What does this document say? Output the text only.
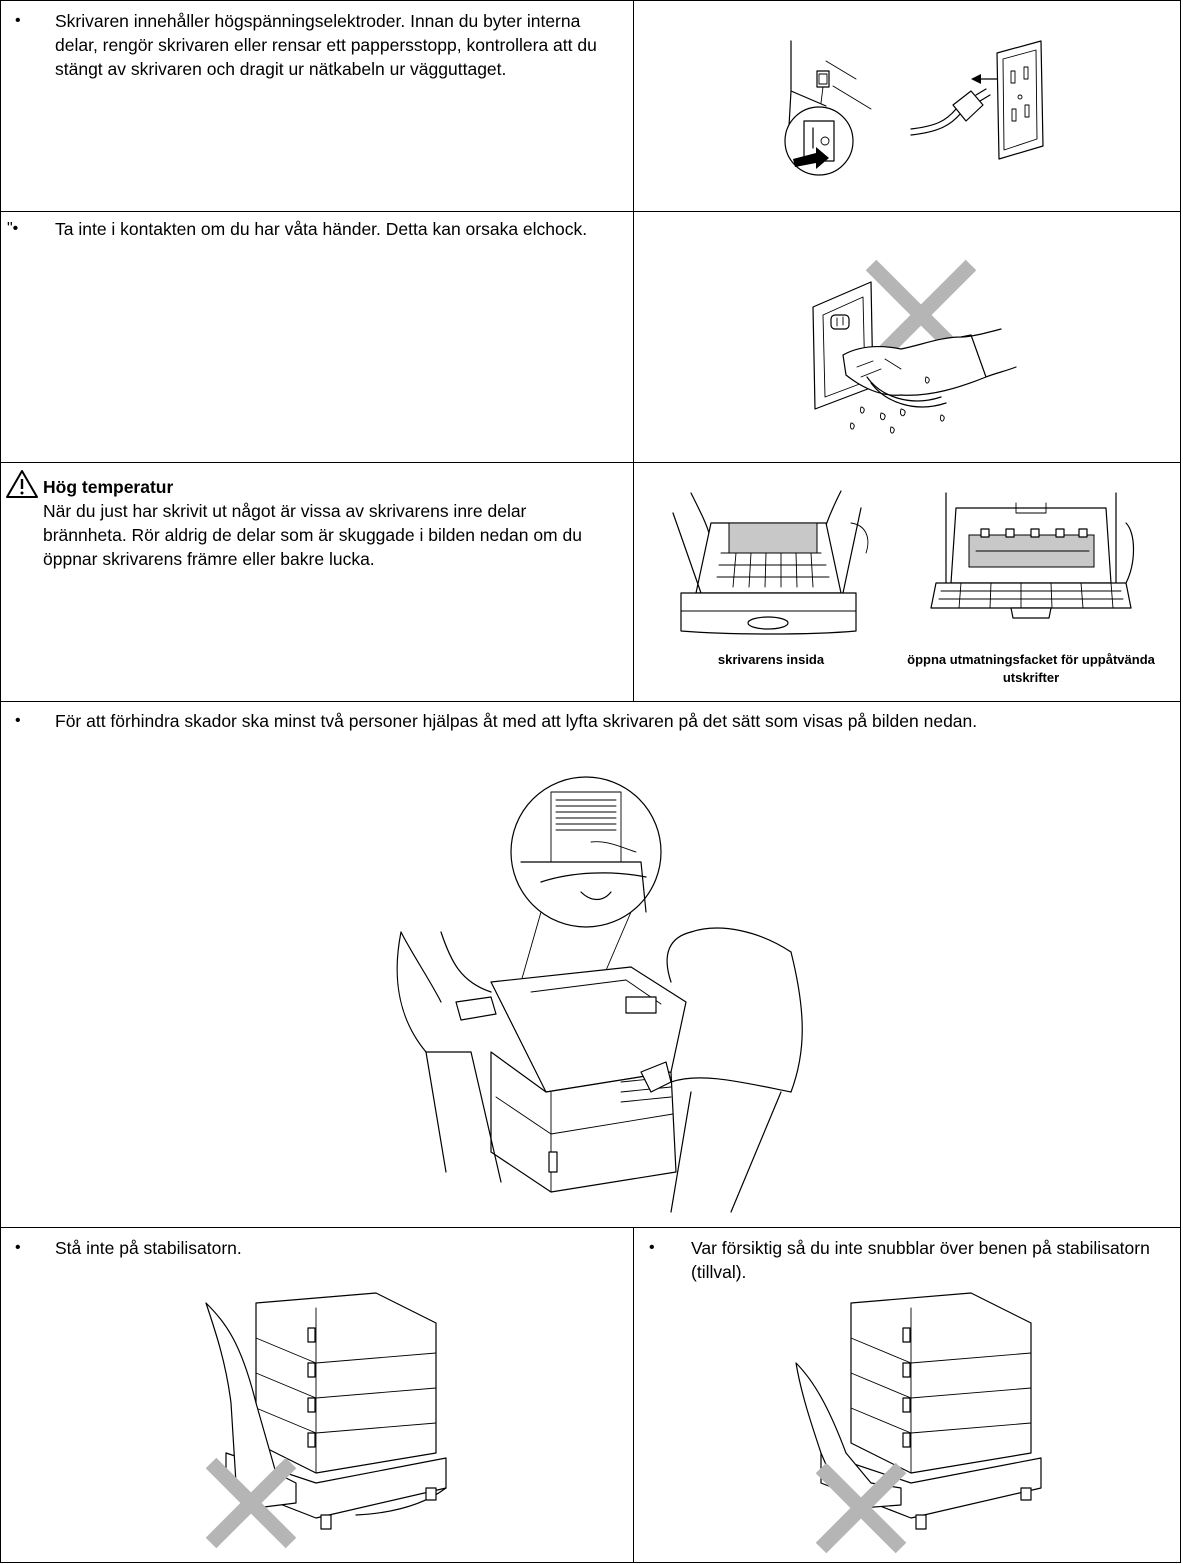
• Skrivaren innehåller högspänningselektroder. Innan du byter interna delar, rengör skrivaren eller rensar ett pappersstopp, kontrollera att du stängt av skrivaren och dragit ur nätkabeln ur vägguttaget.
"• Ta inte i kontakten om du har våta händer. Detta kan orsaka elchock.
Hög temperatur
När du just har skrivit ut något är vissa av skrivarens inre delar brännheta. Rör aldrig de delar som är skuggade i bilden nedan om du öppnar skrivarens främre eller bakre lucka.
skrivarens insida	öppna utmatningsfacket för uppåtvända utskrifter
• För att förhindra skador ska minst två personer hjälpas åt med att lyfta skrivaren på det sätt som visas på bilden nedan.
• Stå inte på stabilisatorn.	• Var försiktig så du inte snubblar över benen på stabilisatorn (tillval).
